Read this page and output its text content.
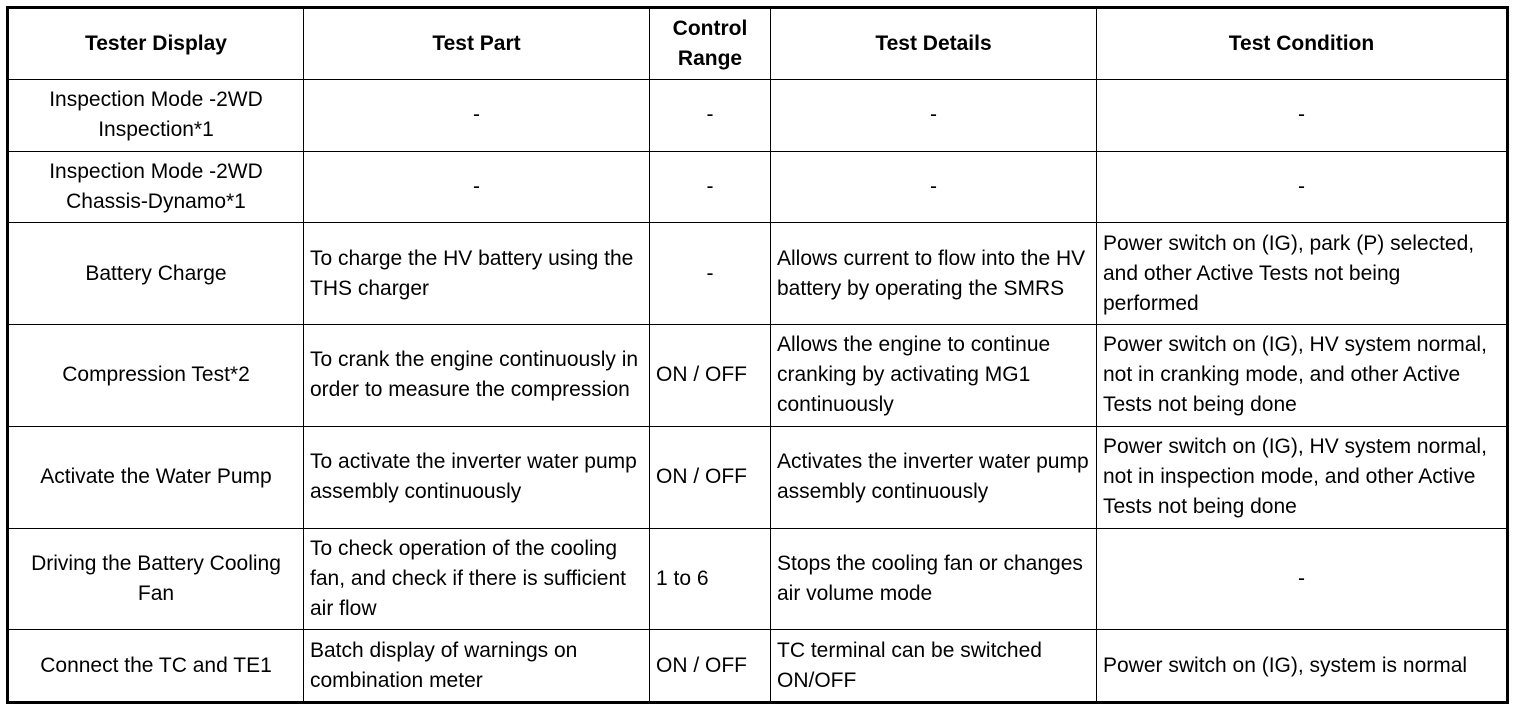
Tester Display	Test Part	Control Range	Test Details	Test Condition
Inspection Mode -2WD Inspection*1	-	-	-	-
Inspection Mode -2WD Chassis-Dynamo*1	-	-	-	-
Battery Charge	To charge the HV battery using the THS charger	-	Allows current to flow into the HV battery by operating the SMRS	Power switch on (IG), park (P) selected, and other Active Tests not being performed
Compression Test*2	To crank the engine continuously in order to measure the compression	ON / OFF	Allows the engine to continue cranking by activating MG1 continuously	Power switch on (IG), HV system normal, not in cranking mode, and other Active Tests not being done
Activate the Water Pump	To activate the inverter water pump assembly continuously	ON / OFF	Activates the inverter water pump assembly continuously	Power switch on (IG), HV system normal, not in inspection mode, and other Active Tests not being done
Driving the Battery Cooling Fan	To check operation of the cooling fan, and check if there is sufficient air flow	1 to 6	Stops the cooling fan or changes air volume mode	-
Connect the TC and TE1	Batch display of warnings on combination meter	ON / OFF	TC terminal can be switched ON/OFF	Power switch on (IG), system is normal
